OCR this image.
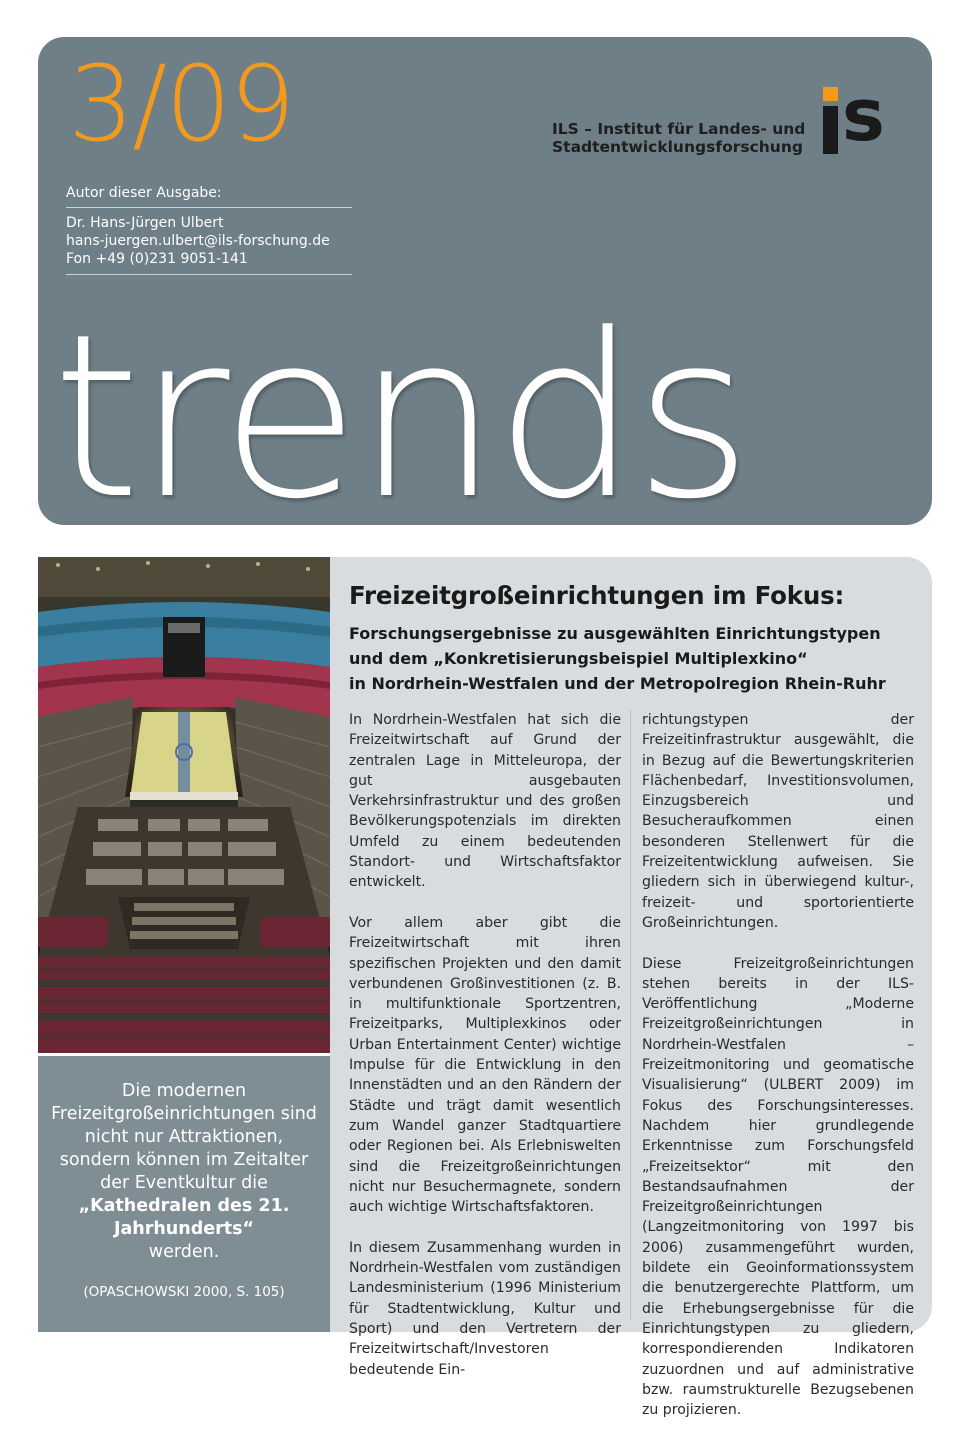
3/09
Autor dieser Ausgabe:
Dr. Hans-Jürgen Ulbert
hans-juergen.ulbert@ils-forschung.de
Fon +49 (0)231 9051-141
ILS – Institut für Landes- und
Stadtentwicklungsforschung s
trends
Die modernen Freizeitgroßeinrichtungen sind nicht nur Attraktionen, sondern können im Zeitalter der Eventkultur die
„Kathedralen des 21. Jahrhunderts“
werden.
(OPASCHOWSKI 2000, S. 105)
Freizeitgroßeinrichtungen im Fokus:
Forschungsergebnisse zu ausgewählten Einrichtungstypen
und dem „Konkretisierungsbeispiel Multiplexkino“
in Nordrhein-Westfalen und der Metropolregion Rhein-Ruhr

In Nordrhein-Westfalen hat sich die Freizeitwirtschaft auf Grund der zentralen Lage in Mitteleuropa, der gut ausgebauten Verkehrsinfrastruktur und des großen Bevölkerungspotenzials im direkten Umfeld zu einem bedeutenden Standort- und Wirtschaftsfaktor entwickelt.

Vor allem aber gibt die Freizeitwirtschaft mit ihren spezifischen Projekten und den damit verbundenen Großinvestitionen (z. B. in multifunktionale Sportzentren, Freizeitparks, Multiplexkinos oder Urban Entertainment Center) wichtige Impulse für die Entwicklung in den Innenstädten und an den Rändern der Städte und trägt damit wesentlich zum Wandel ganzer Stadtquartiere oder Regionen bei. Als Erlebniswelten sind die Freizeitgroßeinrichtungen nicht nur Besuchermagnete, sondern auch wichtige Wirtschaftsfaktoren.

In diesem Zusammenhang wurden in Nordrhein-Westfalen vom zuständigen Landesministerium (1996 Ministerium für Stadtentwicklung, Kultur und Sport) und den Vertretern der Freizeitwirtschaft/Investoren bedeutende Ein-

richtungstypen der Freizeitinfrastruktur ausgewählt, die in Bezug auf die Bewertungskriterien Flächenbedarf, Investitionsvolumen, Einzugsbereich und Besucheraufkommen einen besonderen Stellenwert für die Freizeitentwicklung aufweisen. Sie gliedern sich in überwiegend kultur-, freizeit- und sportorientierte Großeinrichtungen.

Diese Freizeitgroßeinrichtungen stehen bereits in der ILS-Veröffentlichung „Moderne Freizeitgroßeinrichtungen in Nordrhein-Westfalen – Freizeitmonitoring und geomatische Visualisierung“ (ULBERT 2009) im Fokus des Forschungsinteresses. Nachdem hier grundlegende Erkenntnisse zum Forschungsfeld „Freizeitsektor“ mit den Bestandsaufnahmen der Freizeitgroßeinrichtungen (Langzeitmonitoring von 1997 bis 2006) zusammengeführt wurden, bildete ein Geoinformationssystem die benutzergerechte Plattform, um die Erhebungsergebnisse für die Einrichtungstypen zu gliedern, korrespondierenden Indikatoren zuzuordnen und auf administrative bzw. raumstrukturelle Bezugsebenen zu projizieren.
